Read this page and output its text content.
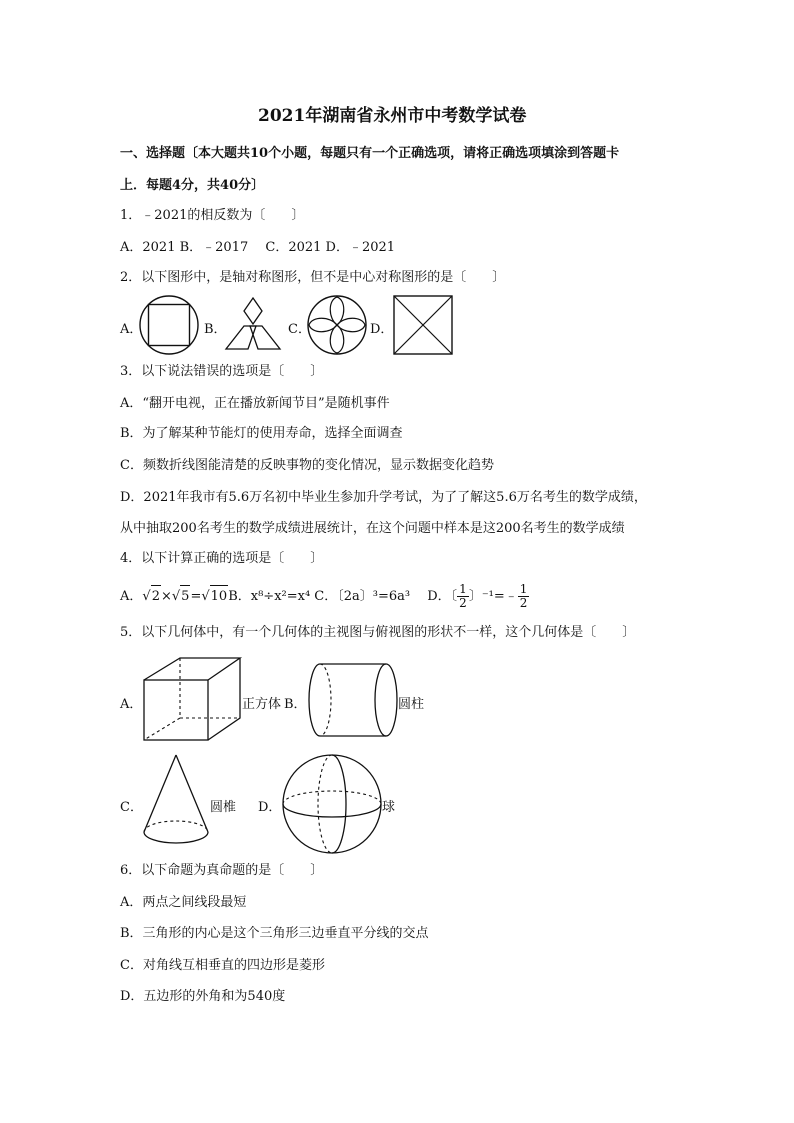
2021年湖南省永州市中考数学试卷
一、选择题〔本大题共10个小题，每题只有一个正确选项，请将正确选项填涂到答题卡
上．每题4分，共40分〕
1．﹣2021的相反数为〔　　〕
A．2021 B．﹣2017　 C．2021 D．﹣2021
2．以下图形中，是轴对称图形，但不是中心对称图形的是〔　　〕
A．	B．	C．	D．
3．以下说法错误的选项是〔　　〕
A．“翻开电视，正在播放新闻节目”是随机事件
B．为了解某种节能灯的使用寿命，选择全面调查
C．频数折线图能清楚的反映事物的变化情况，显示数据变化趋势
D．2021年我市有5.6万名初中毕业生参加升学考试，为了了解这5.6万名考生的数学成绩，
从中抽取200名考生的数学成绩进展统计，在这个问题中样本是这200名考生的数学成绩
4．以下计算正确的选项是〔　　〕
A．√2×√5=√10B．x⁸÷x²=x⁴ C．〔2a〕³=6a³　 D．〔 $\frac{1}{2}$ 〕⁻¹=﹣ $\frac{1}{2}$
5．以下几何体中，有一个几何体的主视图与俯视图的形状不一样，这个几何体是〔　　〕
A．	正方体 B．	圆柱
C．	圆椎 D．	球
6．以下命题为真命题的是〔　　〕
A．两点之间线段最短
B．三角形的内心是这个三角形三边垂直平分线的交点
C．对角线互相垂直的四边形是菱形
D．五边形的外角和为540度
